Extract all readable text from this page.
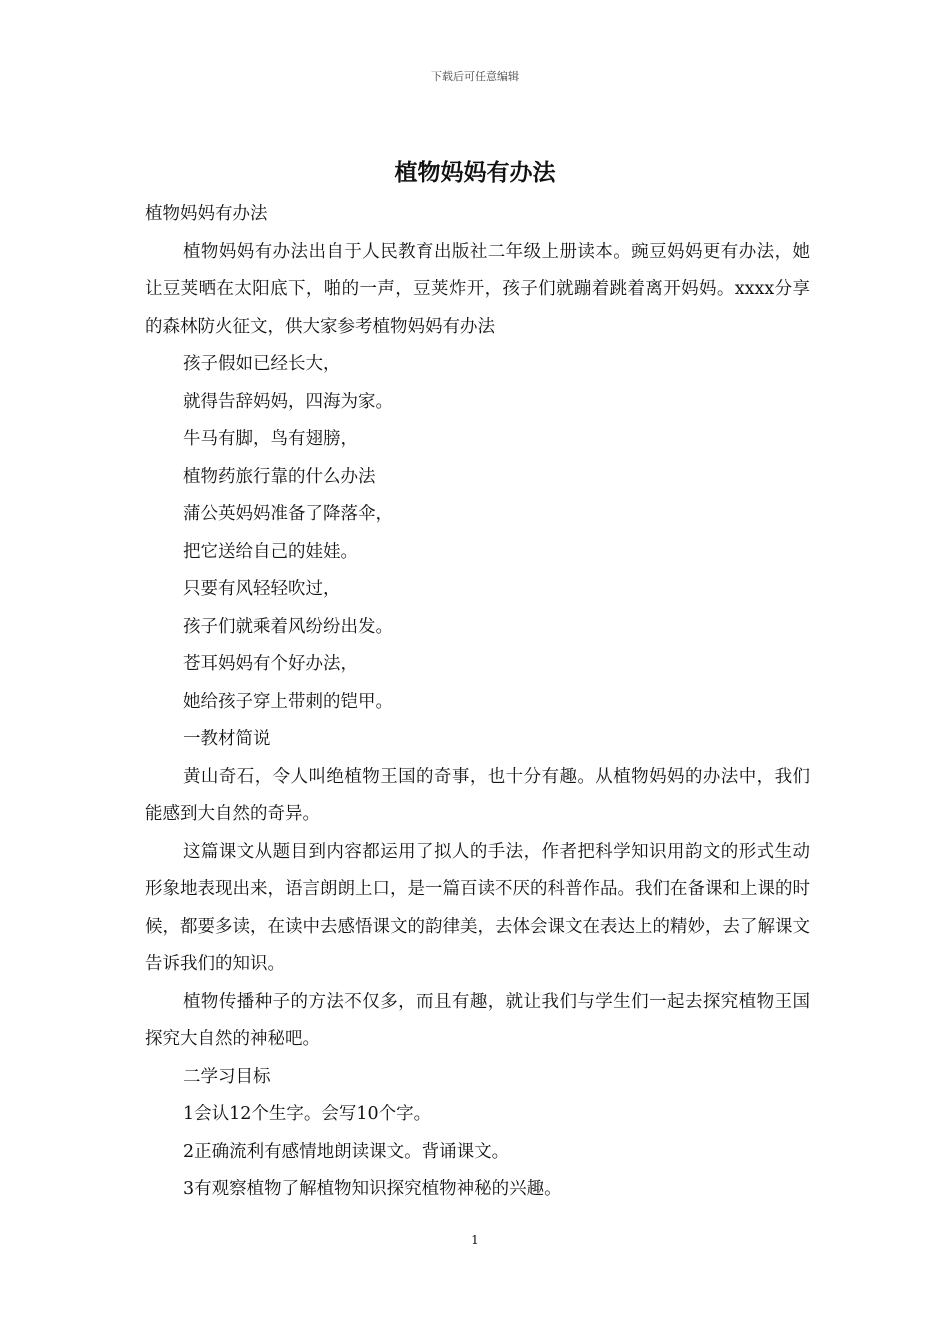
下载后可任意编辑
植物妈妈有办法

植物妈妈有办法

植物妈妈有办法出自于人民教育出版社二年级上册读本。豌豆妈妈更有办法，她让豆荚晒在太阳底下，啪的一声，豆荚炸开，孩子们就蹦着跳着离开妈妈。xxxx分享的森林防火征文，供大家参考植物妈妈有办法

孩子假如已经长大，

就得告辞妈妈，四海为家。

牛马有脚，鸟有翅膀，

植物药旅行靠的什么办法

蒲公英妈妈准备了降落伞，

把它送给自己的娃娃。

只要有风轻轻吹过，

孩子们就乘着风纷纷出发。

苍耳妈妈有个好办法，

她给孩子穿上带刺的铠甲。

一教材简说

黄山奇石，令人叫绝植物王国的奇事，也十分有趣。从植物妈妈的办法中，我们能感到大自然的奇异。

这篇课文从题目到内容都运用了拟人的手法，作者把科学知识用韵文的形式生动形象地表现出来，语言朗朗上口，是一篇百读不厌的科普作品。我们在备课和上课的时候，都要多读，在读中去感悟课文的韵律美，去体会课文在表达上的精妙，去了解课文告诉我们的知识。

植物传播种子的方法不仅多，而且有趣，就让我们与学生们一起去探究植物王国探究大自然的神秘吧。

二学习目标

1会认12个生字。会写10个字。

2正确流利有感情地朗读课文。背诵课文。

3有观察植物了解植物知识探究植物神秘的兴趣。

1
